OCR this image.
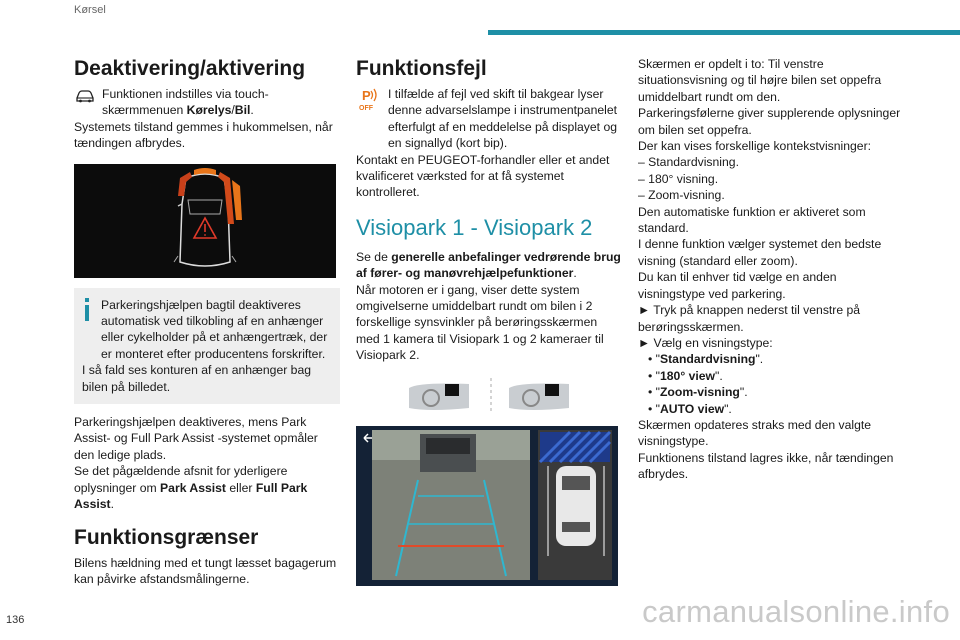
Kørsel
Deaktivering/aktivering
Funktionen indstilles via touch-skærmmenuen Kørelys/Bil.

Systemets tilstand gemmes i hukommelsen, når tændingen afbrydes.

Parkeringshjælpen bagtil deaktiveres automatisk ved tilkobling af en anhænger eller cykelholder på et anhængertræk, der er monteret efter producentens forskrifter.
I så fald ses konturen af en anhænger bag bilen på billedet.

Parkeringshjælpen deaktiveres, mens Park Assist- og Full Park Assist -systemet opmåler den ledige plads.

Se det pågældende afsnit for yderligere oplysninger om Park Assist eller Full Park Assist.

Funktionsgrænser

Bilens hældning med et tungt læsset bagagerum kan påvirke afstandsmålingerne.

Funktionsfejl
P
OFF
I tilfælde af fejl ved skift til bakgear lyser denne advarselslampe i instrumentpanelet efterfulgt af en meddelelse på displayet og en signallyd (kort bip).

Kontakt en PEUGEOT-forhandler eller et andet kvalificeret værksted for at få systemet kontrolleret.

Visiopark 1 - Visiopark 2

Se de generelle anbefalinger vedrørende brug af fører- og manøvrehjælpefunktioner.

Når motoren er i gang, viser dette system omgivelserne umiddelbart rundt om bilen i 2 forskellige synsvinkler på berøringsskærmen med 1 kamera til Visiopark 1 og 2 kameraer til Visiopark 2.

Skærmen er opdelt i to: Til venstre situationsvisning og til højre bilen set oppefra umiddelbart rundt om den.

Parkeringsfølerne giver supplerende oplysninger om bilen set oppefra.

Der kan vises forskellige kontekstvisninger:

– Standardvisning.

– 180° visning.

– Zoom-visning.

Den automatiske funktion er aktiveret som standard.

I denne funktion vælger systemet den bedste visning (standard eller zoom).

Du kan til enhver tid vælge en anden visningstype ved parkering.

► Tryk på knappen nederst til venstre på berøringsskærmen.

► Vælg en visningstype:

• "Standardvisning".

• "180° view".

• "Zoom-visning".

• "AUTO view".

Skærmen opdateres straks med den valgte visningstype.

Funktionens tilstand lagres ikke, når tændingen afbrydes.

136	carmanualsonline.info
